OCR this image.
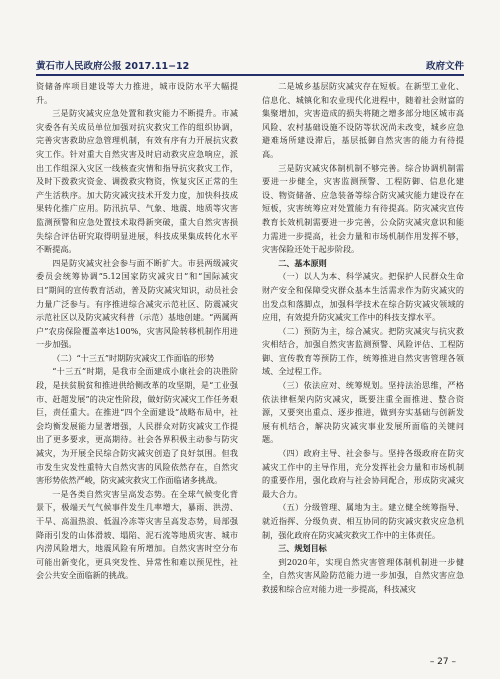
黄石市人民政府公报 2017.11−12	政府文件

资储备库项目建设等大力推进，城市设防水平大幅提升。

三是防灾减灾应急处置和救灾能力不断提升。市减灾委各有关成员单位加强对抗灾救灾工作的组织协调，完善灾害救助应急管理机制，有效有序有力开展抗灾救灾工作。针对重大自然灾害及时启动救灾应急响应，派出工作组深入灾区一线核查灾情和指导抗灾救灾工作，及时下拨救灾资金、调拨救灾物资，恢复灾区正常的生产生活秩序。加大防灾减灾技术开发力度，加快科技成果转化推广应用。防汛抗旱、气象、地震、地质等灾害监测预警和应急处置技术取得新突破，重大自然灾害损失综合评估研究取得明显进展，科技成果集成转化水平不断提高。

四是防灾减灾社会参与面不断扩大。市县两级减灾委员会统筹协调“5.12国家防灾减灾日”和“国际减灾日”期间的宣传教育活动，普及防灾减灾知识，动员社会力量广泛参与。有序推进综合减灾示范社区、防震减灾示范社区以及防灾减灾科普（示范）基地创建。“两属两户”农房保险覆盖率达100%，灾害风险转移机制作用进一步加强。

（二）“十三五”时期防灾减灾工作面临的形势

“十三五”时期，是我市全面建成小康社会的决胜阶段，是扶贫脱贫和推进供给侧改革的攻坚期，是“工业强市、赶超发展”的决定性阶段，做好防灾减灾工作任务艰巨，责任重大。在推进“四个全面建设”战略布局中，社会均衡发展能力显著增强，人民群众对防灾减灾工作提出了更多要求，更高期待。社会各界积极主动参与防灾减灾，为开展全民综合防灾减灾创造了良好氛围。但我市发生灾发性重特大自然灾害的风险依然存在，自然灾害形势依然严峻，防灾减灾救灾工作面临诸多挑战。

一是各类自然灾害呈高发态势。在全球气候变化背景下，极端天气气候事件发生几率增大，暴雨、洪涝、干旱、高温热浪、低温冷冻等灾害呈高发态势，局部强降雨引发的山体滑坡、塌陷、泥石流等地质灾害、城市内涝风险增大，地震风险有所增加。自然灾害时空分布可能出新变化，更具突发性、异常性和难以预见性，社会公共安全面临新的挑战。

二是城乡基层防灾减灾存在短板。在新型工业化、信息化、城镇化和农业现代化进程中，随着社会财富的集聚增加，灾害造成的损失将随之增多部分地区城市高风险、农村基础设施不设防等状况尚未改变，城乡应急避难场所建设滞后，基层抵御自然灾害的能力有待提高。

三是防灾减灾体制机制不够完善。综合协调机制需要进一步健全，灾害监测预警、工程防御、信息化建设、物资储备、应急装备等综合防灾减灾能力建设存在短板，灾害统筹应对处置能力有待提高。防灾减灾宣传教育长效机制需要进一步完善，公众防灾减灾意识和能力需进一步提高，社会力量和市场机制作用发挥不够，灾害保险还处于起步阶段。

二、基本原则

（一）以人为本、科学减灾。把保护人民群众生命财产安全和保障受灾群众基本生活需求作为防灾减灾的出发点和落脚点，加强科学技术在综合防灾减灾领域的应用，有效提升防灾减灾工作中的科技支撑水平。

（二）预防为主，综合减灾。把防灾减灾与抗灾救灾相结合，加强自然灾害监测预警、风险评估、工程防御、宣传教育等预防工作，统筹推进自然灾害管理各领域、全过程工作。

（三）依法应对、统筹规划。坚持法治思维，严格依法律框架内防灾减灾，既要注重全面推进、整合资源，又要突出重点、逐步推进，做到夯实基础与创新发展有机结合，解决防灾减灾事业发展所面临的关键问题。

（四）政府主导、社会参与。坚持各级政府在防灾减灾工作中的主导作用，充分发挥社会力量和市场机制的重要作用，强化政府与社会协同配合，形成防灾减灾最大合力。

（五）分级管理、属地为主。建立健全统筹指导、就近指挥、分级负责、相互协同的防灾减灾救灾应急机制，强化政府在防灾减灾救灾工作中的主体责任。

三、规划目标

到2020年，实现自然灾害管理体制机制进一步健全，自然灾害风险防范能力进一步加强，自然灾害应急救援和综合应对能力进一步提高，科技减灾

– 27 –
